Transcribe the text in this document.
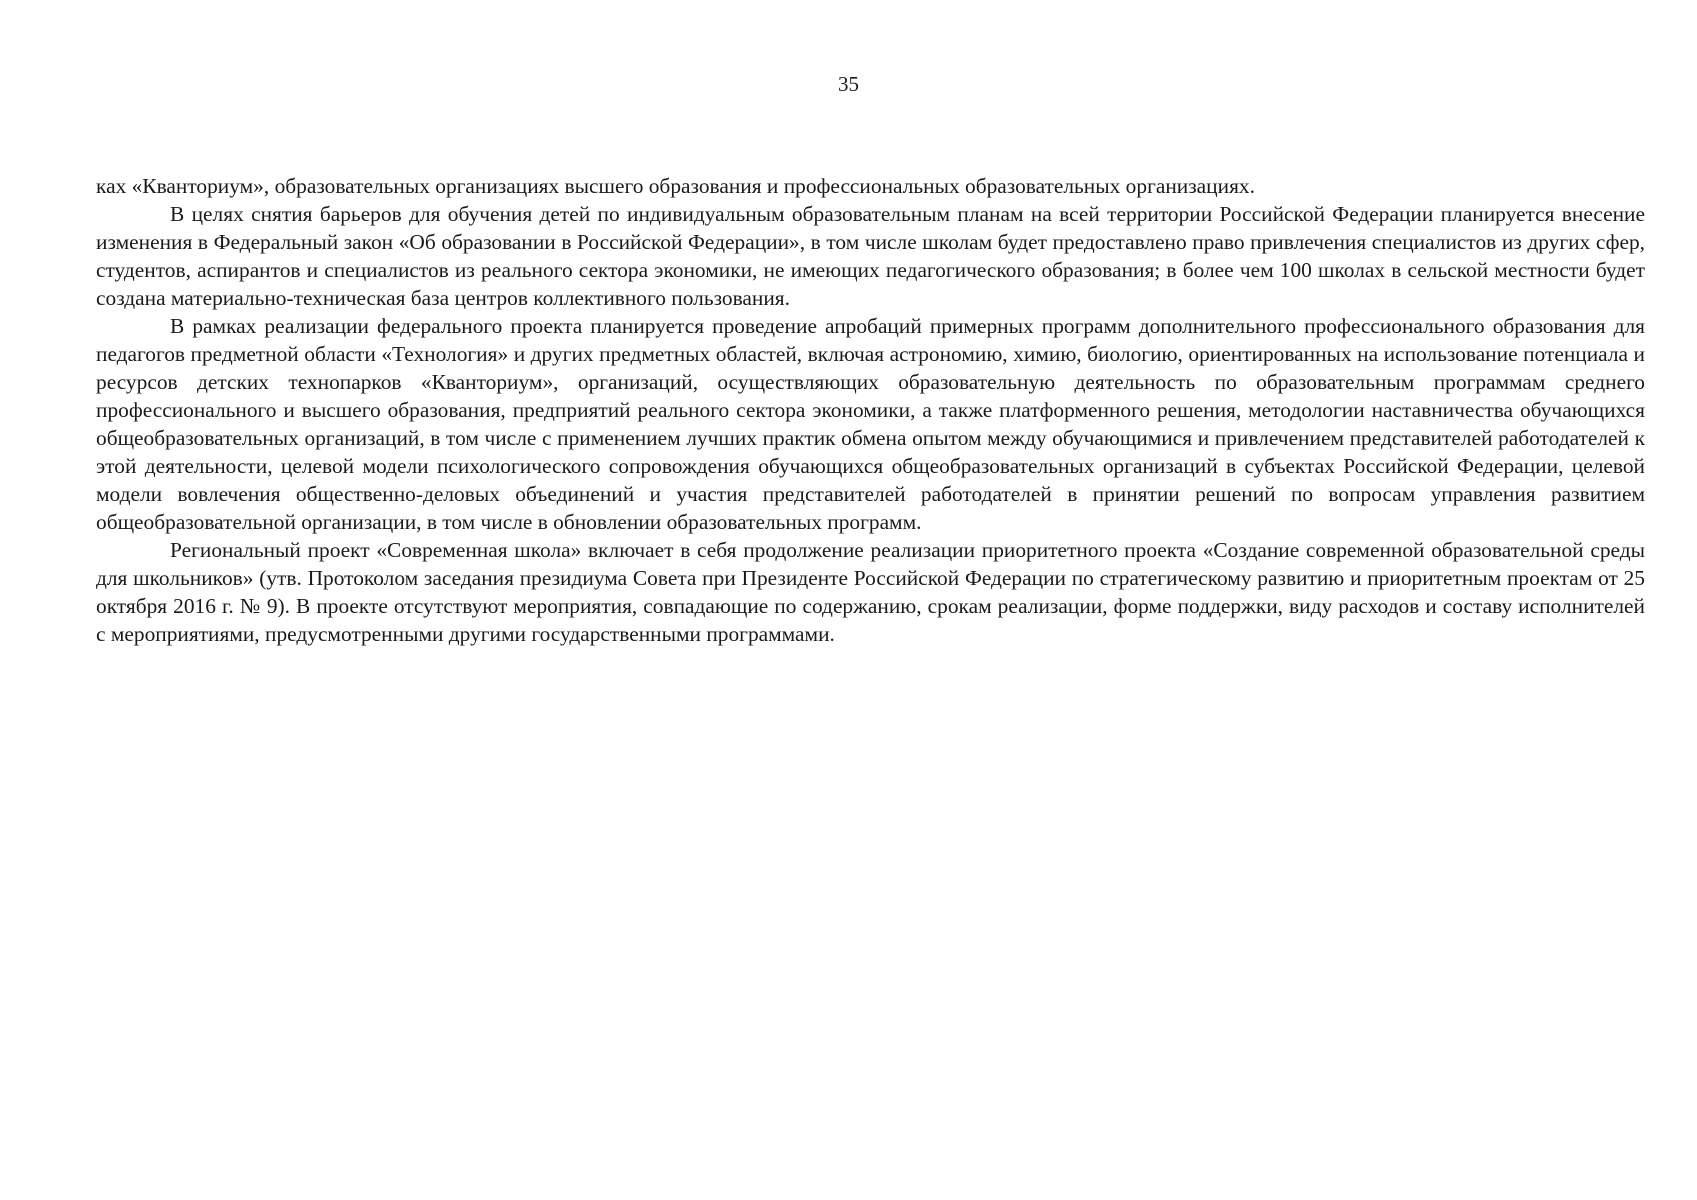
35

ках «Кванториум», образовательных организациях высшего образования и профессиональных образовательных организациях.

В целях снятия барьеров для обучения детей по индивидуальным образовательным планам на всей территории Российской Федерации планируется внесение изменения в Федеральный закон «Об образовании в Российской Федерации», в том числе школам будет предоставлено право привлечения специалистов из других сфер, студентов, аспирантов и специалистов из реального сектора экономики, не имеющих педагогического образования; в более чем 100 школах в сельской местности будет создана материально-техническая база центров коллективного пользования.

В рамках реализации федерального проекта планируется проведение апробаций примерных программ дополнительного профессионального образования для педагогов предметной области «Технология» и других предметных областей, включая астрономию, химию, биологию, ориентированных на использование потенциала и ресурсов детских технопарков «Кванториум», организаций, осуществляющих образовательную деятельность по образовательным программам среднего профессионального и высшего образования, предприятий реального сектора экономики, а также платформенного решения, методологии наставничества обучающихся общеобразовательных организаций, в том числе с применением лучших практик обмена опытом между обучающимися и привлечением представителей работодателей к этой деятельности, целевой модели психологического сопровождения обучающихся общеобразовательных организаций в субъектах Российской Федерации, целевой модели вовлечения общественно-деловых объединений и участия представителей работодателей в принятии решений по вопросам управления развитием общеобразовательной организации, в том числе в обновлении образовательных программ.

Региональный проект «Современная школа» включает в себя продолжение реализации приоритетного проекта «Создание современной образовательной среды для школьников» (утв. Протоколом заседания президиума Совета при Президенте Российской Федерации по стратегическому развитию и приоритетным проектам от 25 октября 2016 г. № 9). В проекте отсутствуют мероприятия, совпадающие по содержанию, срокам реализации, форме поддержки, виду расходов и составу исполнителей с мероприятиями, предусмотренными другими государственными программами.
